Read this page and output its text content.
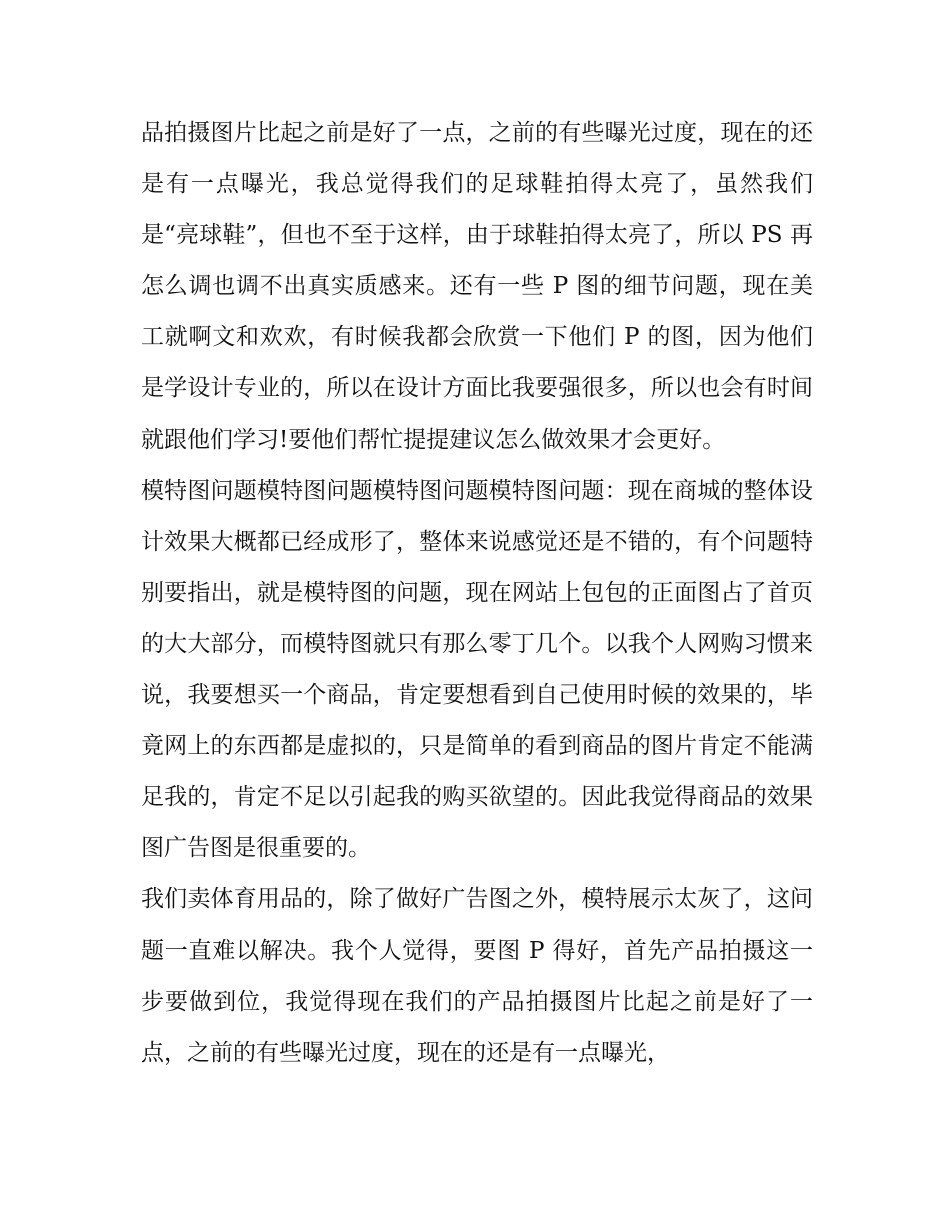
品拍摄图片比起之前是好了一点，之前的有些曝光过度，现在的还是有一点曝光，我总觉得我们的足球鞋拍得太亮了，虽然我们是“亮球鞋”，但也不至于这样，由于球鞋拍得太亮了，所以 PS 再怎么调也调不出真实质感来。还有一些 P 图的细节问题，现在美工就啊文和欢欢，有时候我都会欣赏一下他们 P 的图，因为他们是学设计专业的，所以在设计方面比我要强很多，所以也会有时间就跟他们学习!要他们帮忙提提建议怎么做效果才会更好。

模特图问题模特图问题模特图问题模特图问题：现在商城的整体设计效果大概都已经成形了，整体来说感觉还是不错的，有个问题特别要指出，就是模特图的问题，现在网站上包包的正面图占了首页的大大部分，而模特图就只有那么零丁几个。以我个人网购习惯来说，我要想买一个商品，肯定要想看到自己使用时候的效果的，毕竟网上的东西都是虚拟的，只是简单的看到商品的图片肯定不能满足我的，肯定不足以引起我的购买欲望的。因此我觉得商品的效果图广告图是很重要的。

我们卖体育用品的，除了做好广告图之外，模特展示太灰了，这问题一直难以解决。我个人觉得，要图 P 得好，首先产品拍摄这一步要做到位，我觉得现在我们的产品拍摄图片比起之前是好了一点，之前的有些曝光过度，现在的还是有一点曝光，
